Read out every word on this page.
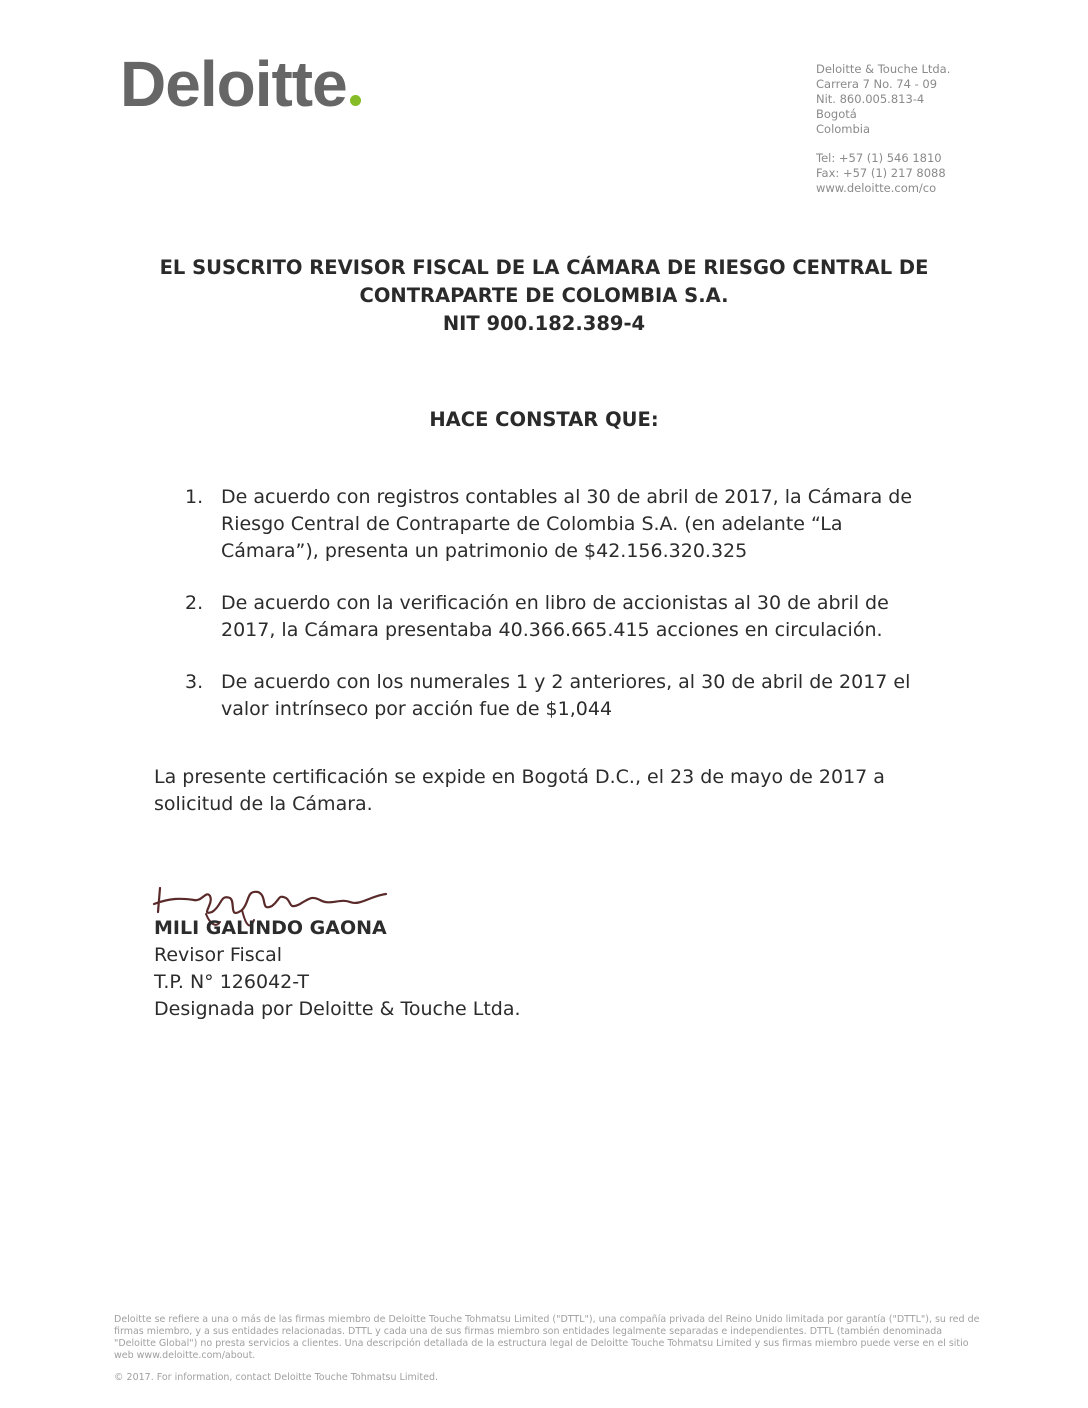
Deloitte	Deloitte & Touche Ltda.
Carrera 7 No. 74 - 09
Nit. 860.005.813-4
Bogotá
Colombia
Tel: +57 (1) 546 1810
Fax: +57 (1) 217 8088
www.deloitte.com/co
EL SUSCRITO REVISOR FISCAL DE LA CÁMARA DE RIESGO CENTRAL DE
CONTRAPARTE DE COLOMBIA S.A.
NIT 900.182.389-4
HACE CONSTAR QUE:
1. De acuerdo con registros contables al 30 de abril de 2017, la Cámara de Riesgo Central de Contraparte de Colombia S.A. (en adelante “La Cámara”), presenta un patrimonio de $42.156.320.325
2. De acuerdo con la verificación en libro de accionistas al 30 de abril de 2017, la Cámara presentaba 40.366.665.415 acciones en circulación.
3. De acuerdo con los numerales 1 y 2 anteriores, al 30 de abril de 2017 el valor intrínseco por acción fue de $1,044
La presente certificación se expide en Bogotá D.C., el 23 de mayo de 2017 a solicitud de la Cámara.
MILI GALINDO GAONA
Revisor Fiscal
T.P. N° 126042-T
Designada por Deloitte & Touche Ltda.
Deloitte se refiere a una o más de las firmas miembro de Deloitte Touche Tohmatsu Limited ("DTTL"), una compañía privada del Reino Unido limitada por garantía ("DTTL"), su red de firmas miembro, y a sus entidades relacionadas. DTTL y cada una de sus firmas miembro son entidades legalmente separadas e independientes. DTTL (también denominada "Deloitte Global") no presta servicios a clientes. Una descripción detallada de la estructura legal de Deloitte Touche Tohmatsu Limited y sus firmas miembro puede verse en el sitio web www.deloitte.com/about.
© 2017. For information, contact Deloitte Touche Tohmatsu Limited.
